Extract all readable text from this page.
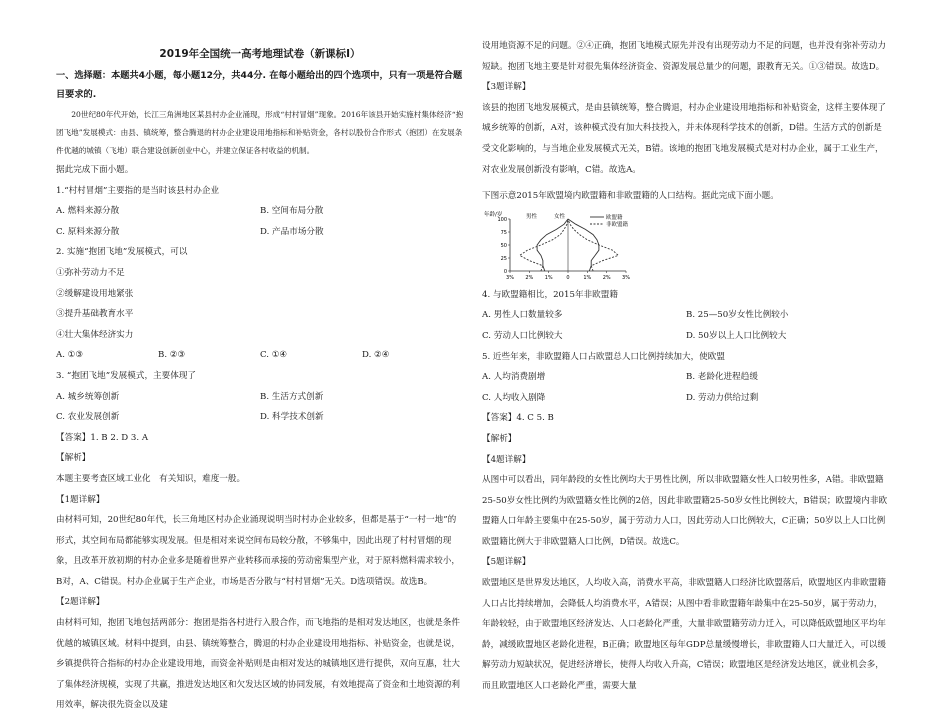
2019年全国统一高考地理试卷（新课标Ⅰ）
一、选择题：本题共4小题，每小题12分，共44分. 在每小题给出的四个选项中，只有一项是符合题目要求的.
20世纪80年代开始，长江三角洲地区某县村办企业涌现，形成“村村冒烟”现象。2016年该县开始实施村集体经济“抱团飞地”发展模式：由县、镇统筹，整合腾退的村办企业建设用地指标和补贴资金，各村以股份合作形式（抱团）在发展条件优越的城镇（飞地）联合建设创新创业中心，并建立保证各村收益的机制。
据此完成下面小题。
1.“村村冒烟”主要指的是当时该县村办企业
A. 燃料来源分散	B. 空间布局分散
C. 原料来源分散	D. 产品市场分散
2. 实施“抱团飞地”发展模式，可以
①弥补劳动力不足
②缓解建设用地紧张
③提升基础教育水平
④壮大集体经济实力
A. ①③	B. ②③	C. ①④	D. ②④
3. “抱团飞地”发展模式，主要体现了
A. 城乡统筹创新	B. 生活方式创新
C. 农业发展创新	D. 科学技术创新
【答案】1. B 2. D 3. A
【解析】
本题主要考查区域工业化　有关知识，难度一般。
【1题详解】
由材料可知，20世纪80年代，长三角地区村办企业涌现说明当时村办企业较多，但都是基于“一村一地”的形式，其空间布局都能够实现发展。但是相对来说空间布局较分散，不够集中，因此出现了村村冒烟的现象，且改革开放初期的村办企业多是随着世界产业转移而承接的劳动密集型产业，对于原料燃料需求较小，B对，A、C错误。村办企业属于生产企业，市场是否分散与“村村冒烟”无关。D选项错误。故选B。
【2题详解】
由材料可知，抱团飞地包括两部分：抱团是指各村进行入股合作，而飞地指的是相对发达地区，也就是条件优越的城镇区域。材料中提到，由县、镇统筹整合，腾退的村办企业建设用地指标、补贴资金，也就是说，乡镇提供符合指标的村办企业建设用地，而资金补贴则是由相对发达的城镇地区进行提供，双向互惠，壮大了集体经济规模，实现了共赢，推进发达地区和欠发达区域的协同发展，有效地提高了资金和土地资源的利用效率，解决很先资金以及建
设用地资源不足的问题。②④正确，抱团飞地模式原先并没有出现劳动力不足的问题，也并没有弥补劳动力短缺。抱团飞地主要是针对很先集体经济资金、资源发展总量少的问题，跟教育无关。①③错误。故选D。
【3题详解】
该县的抱团飞地发展模式，是由县镇统筹，整合腾退，村办企业建设用地指标和补贴资金，这样主要体现了城乡统筹的创新，A对，该种模式没有加大科技投入，并未体现科学技术的创新，D错。生活方式的创新是受文化影响的，与当地企业发展模式无关，B错。该地的抱团飞地发展模式是对村办企业，属于工业生产，对农业发展创新没有影响，C错。故选A。
下图示意2015年欧盟境内欧盟籍和非欧盟籍的人口结构。据此完成下面小题。
年龄/岁	男性	女性	欧盟籍
非欧盟籍
0
25
50
75
100
3% 2% 1%	0	1% 2% 3%
4. 与欧盟籍相比，2015年非欧盟籍
A. 男性人口数量较多	B. 25—50岁女性比例较小
C. 劳动人口比例较大	D. 50岁以上人口比例较大
5. 近些年来，非欧盟籍人口占欧盟总人口比例持续加大，使欧盟
A. 人均消费剧增	B. 老龄化进程趋缓
C. 人均收入剧降	D. 劳动力供给过剩
【答案】4. C 5. B
【解析】
【4题详解】
从图中可以看出，同年龄段的女性比例均大于男性比例，所以非欧盟籍女性人口较男性多，A错。非欧盟籍25-50岁女性比例约为欧盟籍女性比例的2倍，因此非欧盟籍25-50岁女性比例较大，B错误；欧盟境内非欧盟籍人口年龄主要集中在25-50岁，属于劳动力人口，因此劳动人口比例较大，C正确；50岁以上人口比例欧盟籍比例大于非欧盟籍人口比例，D错误。故选C。
【5题详解】
欧盟地区是世界发达地区，人均收入高，消费水平高，非欧盟籍人口经济比欧盟落后，欧盟地区内非欧盟籍人口占比持续增加，会降低人均消费水平，A错误；从图中看非欧盟籍年龄集中在25-50岁，属于劳动力，年龄较轻，由于欧盟地区经济发达、人口老龄化严重，大量非欧盟籍劳动力迁入，可以降低欧盟地区平均年龄，减缓欧盟地区老龄化进程，B正确；欧盟地区每年GDP总量缓慢增长，非欧盟籍人口大量迁入，可以缓解劳动力短缺状况，促进经济增长，使得人均收入升高，C错误；欧盟地区是经济发达地区，就业机会多，而且欧盟地区人口老龄化严重，需要大量
